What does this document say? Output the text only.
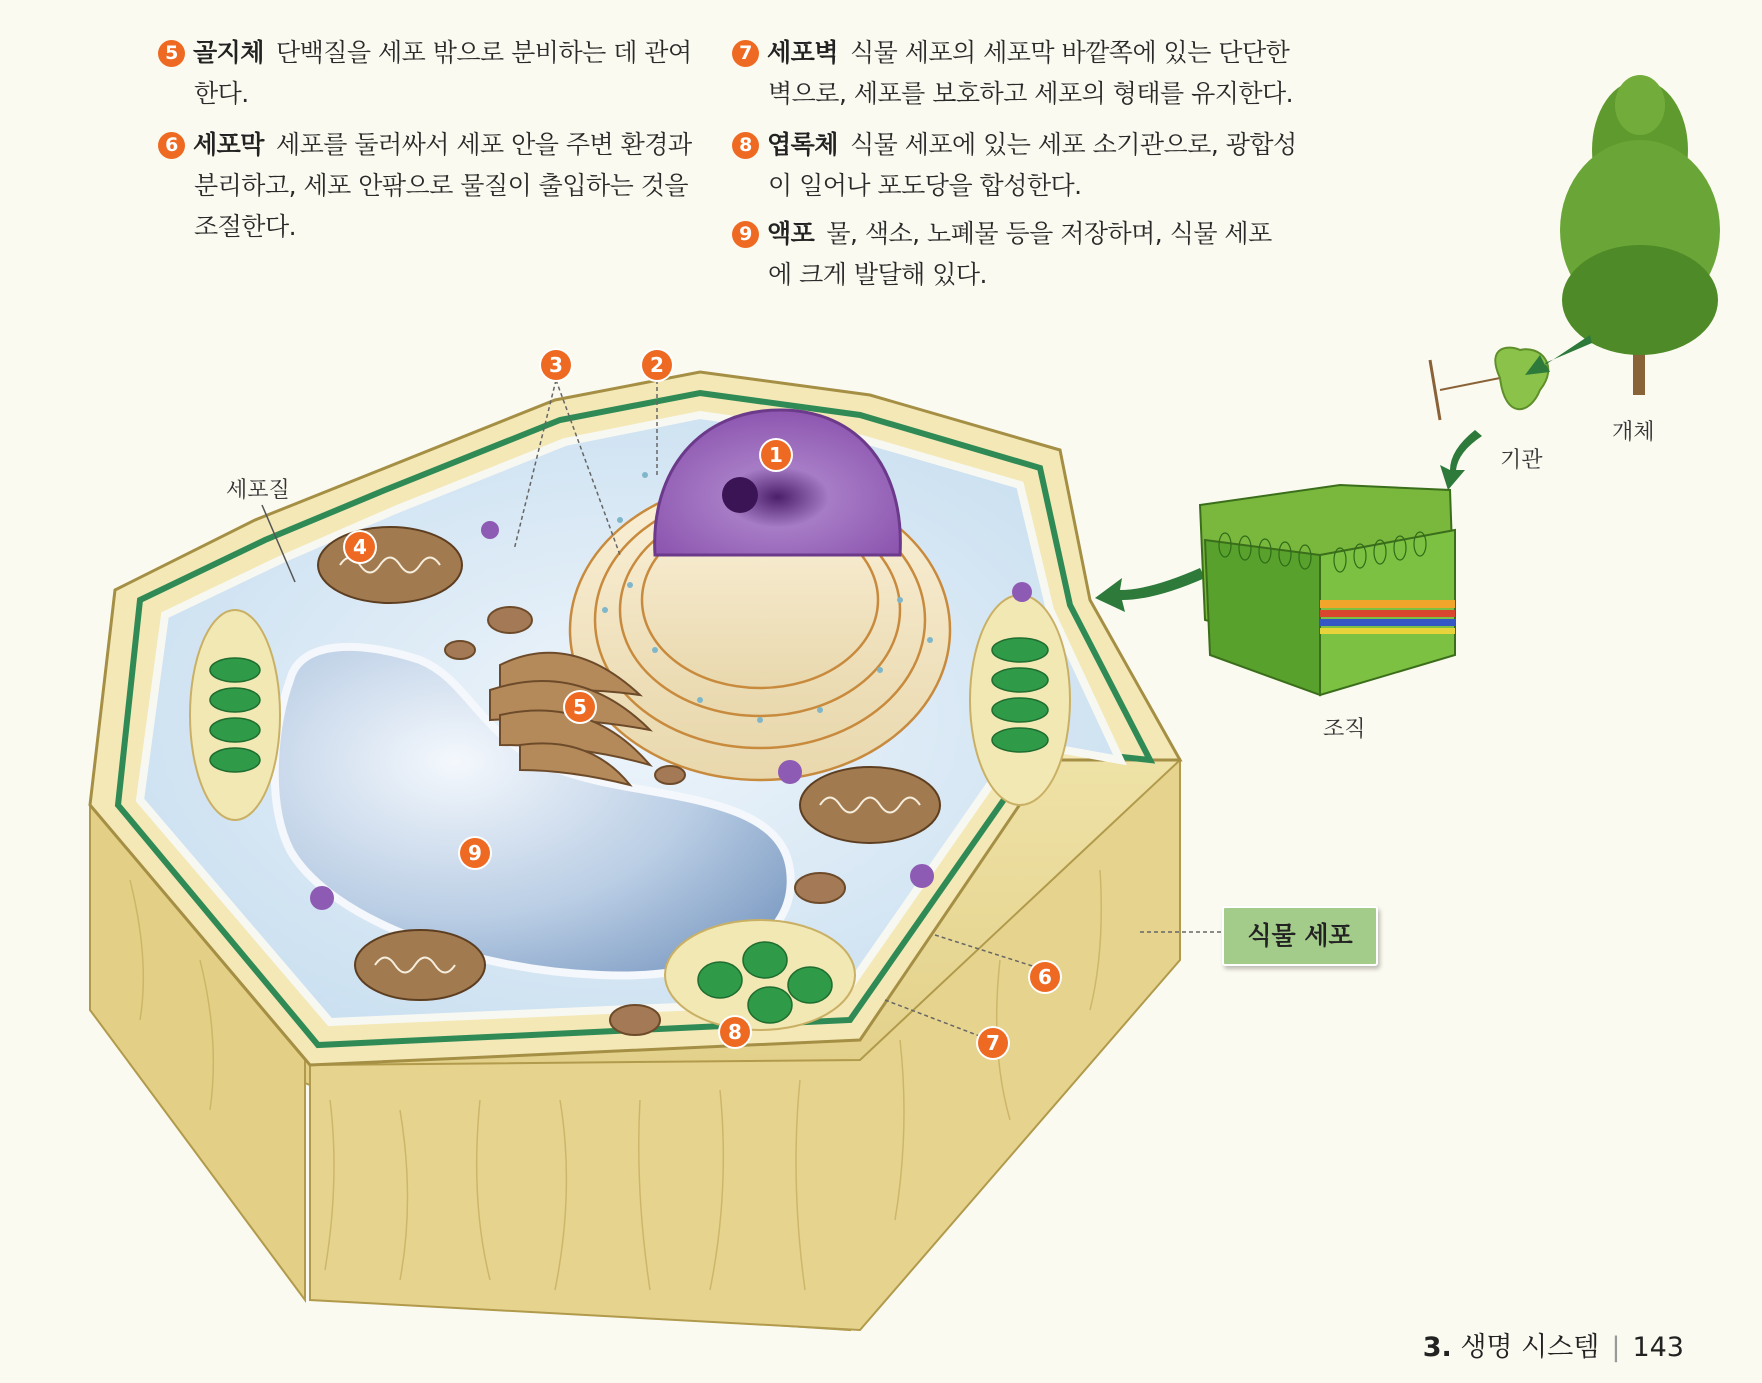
5 골지체 단백질을 세포 밖으로 분비하는 데 관여
한다.
6 세포막 세포를 둘러싸서 세포 안을 주변 환경과
분리하고, 세포 안팎으로 물질이 출입하는 것을
조절한다.
7 세포벽 식물 세포의 세포막 바깥쪽에 있는 단단한
벽으로, 세포를 보호하고 세포의 형태를 유지한다.
8 엽록체 식물 세포에 있는 세포 소기관으로, 광합성
이 일어나 포도당을 합성한다.
9 액포 물, 색소, 노폐물 등을 저장하며, 식물 세포
에 크게 발달해 있다.
세포질
개체
기관
조직
식물 세포
1
2
3
4
5
6
7
8
9
3. 생명 시스템 | 143
